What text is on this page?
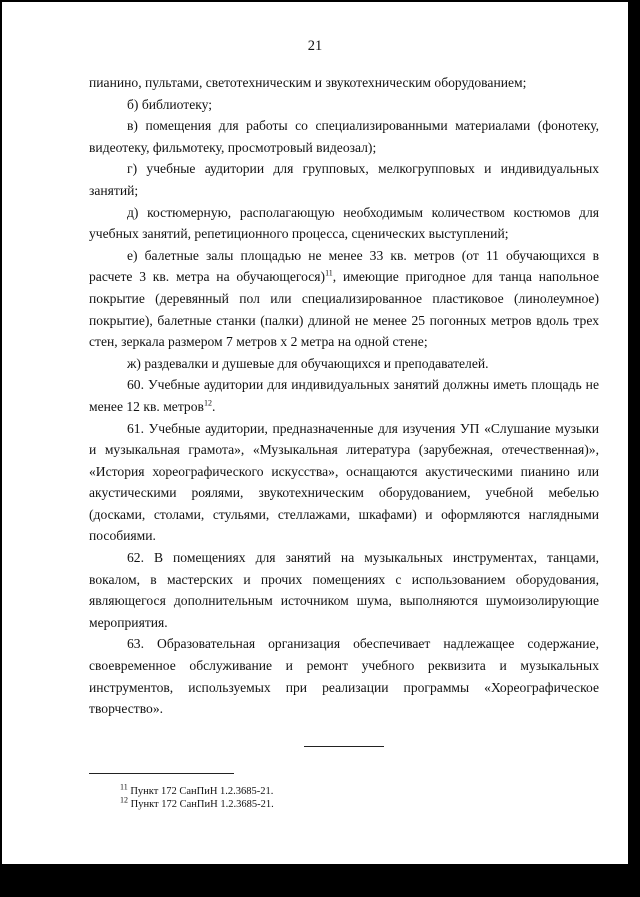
21

пианино, пультами, светотехническим и звукотехническим оборудованием;

б) библиотеку;

в) помещения для работы со специализированными материалами (фонотеку, видеотеку, фильмотеку, просмотровый видеозал);

г) учебные аудитории для групповых, мелкогрупповых и индивидуальных занятий;

д) костюмерную, располагающую необходимым количеством костюмов для учебных занятий, репетиционного процесса, сценических выступлений;

е) балетные залы площадью не менее 33 кв. метров (от 11 обучающихся в расчете 3 кв. метра на обучающегося)$^{11}$, имеющие пригодное для танца напольное покрытие (деревянный пол или специализированное пластиковое (линолеумное) покрытие), балетные станки (палки) длиной не менее 25 погонных метров вдоль трех стен, зеркала размером 7 метров х 2 метра на одной стене;

ж) раздевалки и душевые для обучающихся и преподавателей.

60. Учебные аудитории для индивидуальных занятий должны иметь площадь не менее 12 кв. метров$^{12}$.

61. Учебные аудитории, предназначенные для изучения УП «Слушание музыки и музыкальная грамота», «Музыкальная литература (зарубежная, отечественная)», «История хореографического искусства», оснащаются акустическими пианино или акустическими роялями, звукотехническим оборудованием, учебной мебелью (досками, столами, стульями, стеллажами, шкафами) и оформляются наглядными пособиями.

62. В помещениях для занятий на музыкальных инструментах, танцами, вокалом, в мастерских и прочих помещениях с использованием оборудования, являющегося дополнительным источником шума, выполняются шумоизолирующие мероприятия.

63. Образовательная организация обеспечивает надлежащее содержание, своевременное обслуживание и ремонт учебного реквизита и музыкальных инструментов, используемых при реализации программы «Хореографическое творчество».

$^{11}$ Пункт 172 СанПиН 1.2.3685-21.

$^{12}$ Пункт 172 СанПиН 1.2.3685-21.
